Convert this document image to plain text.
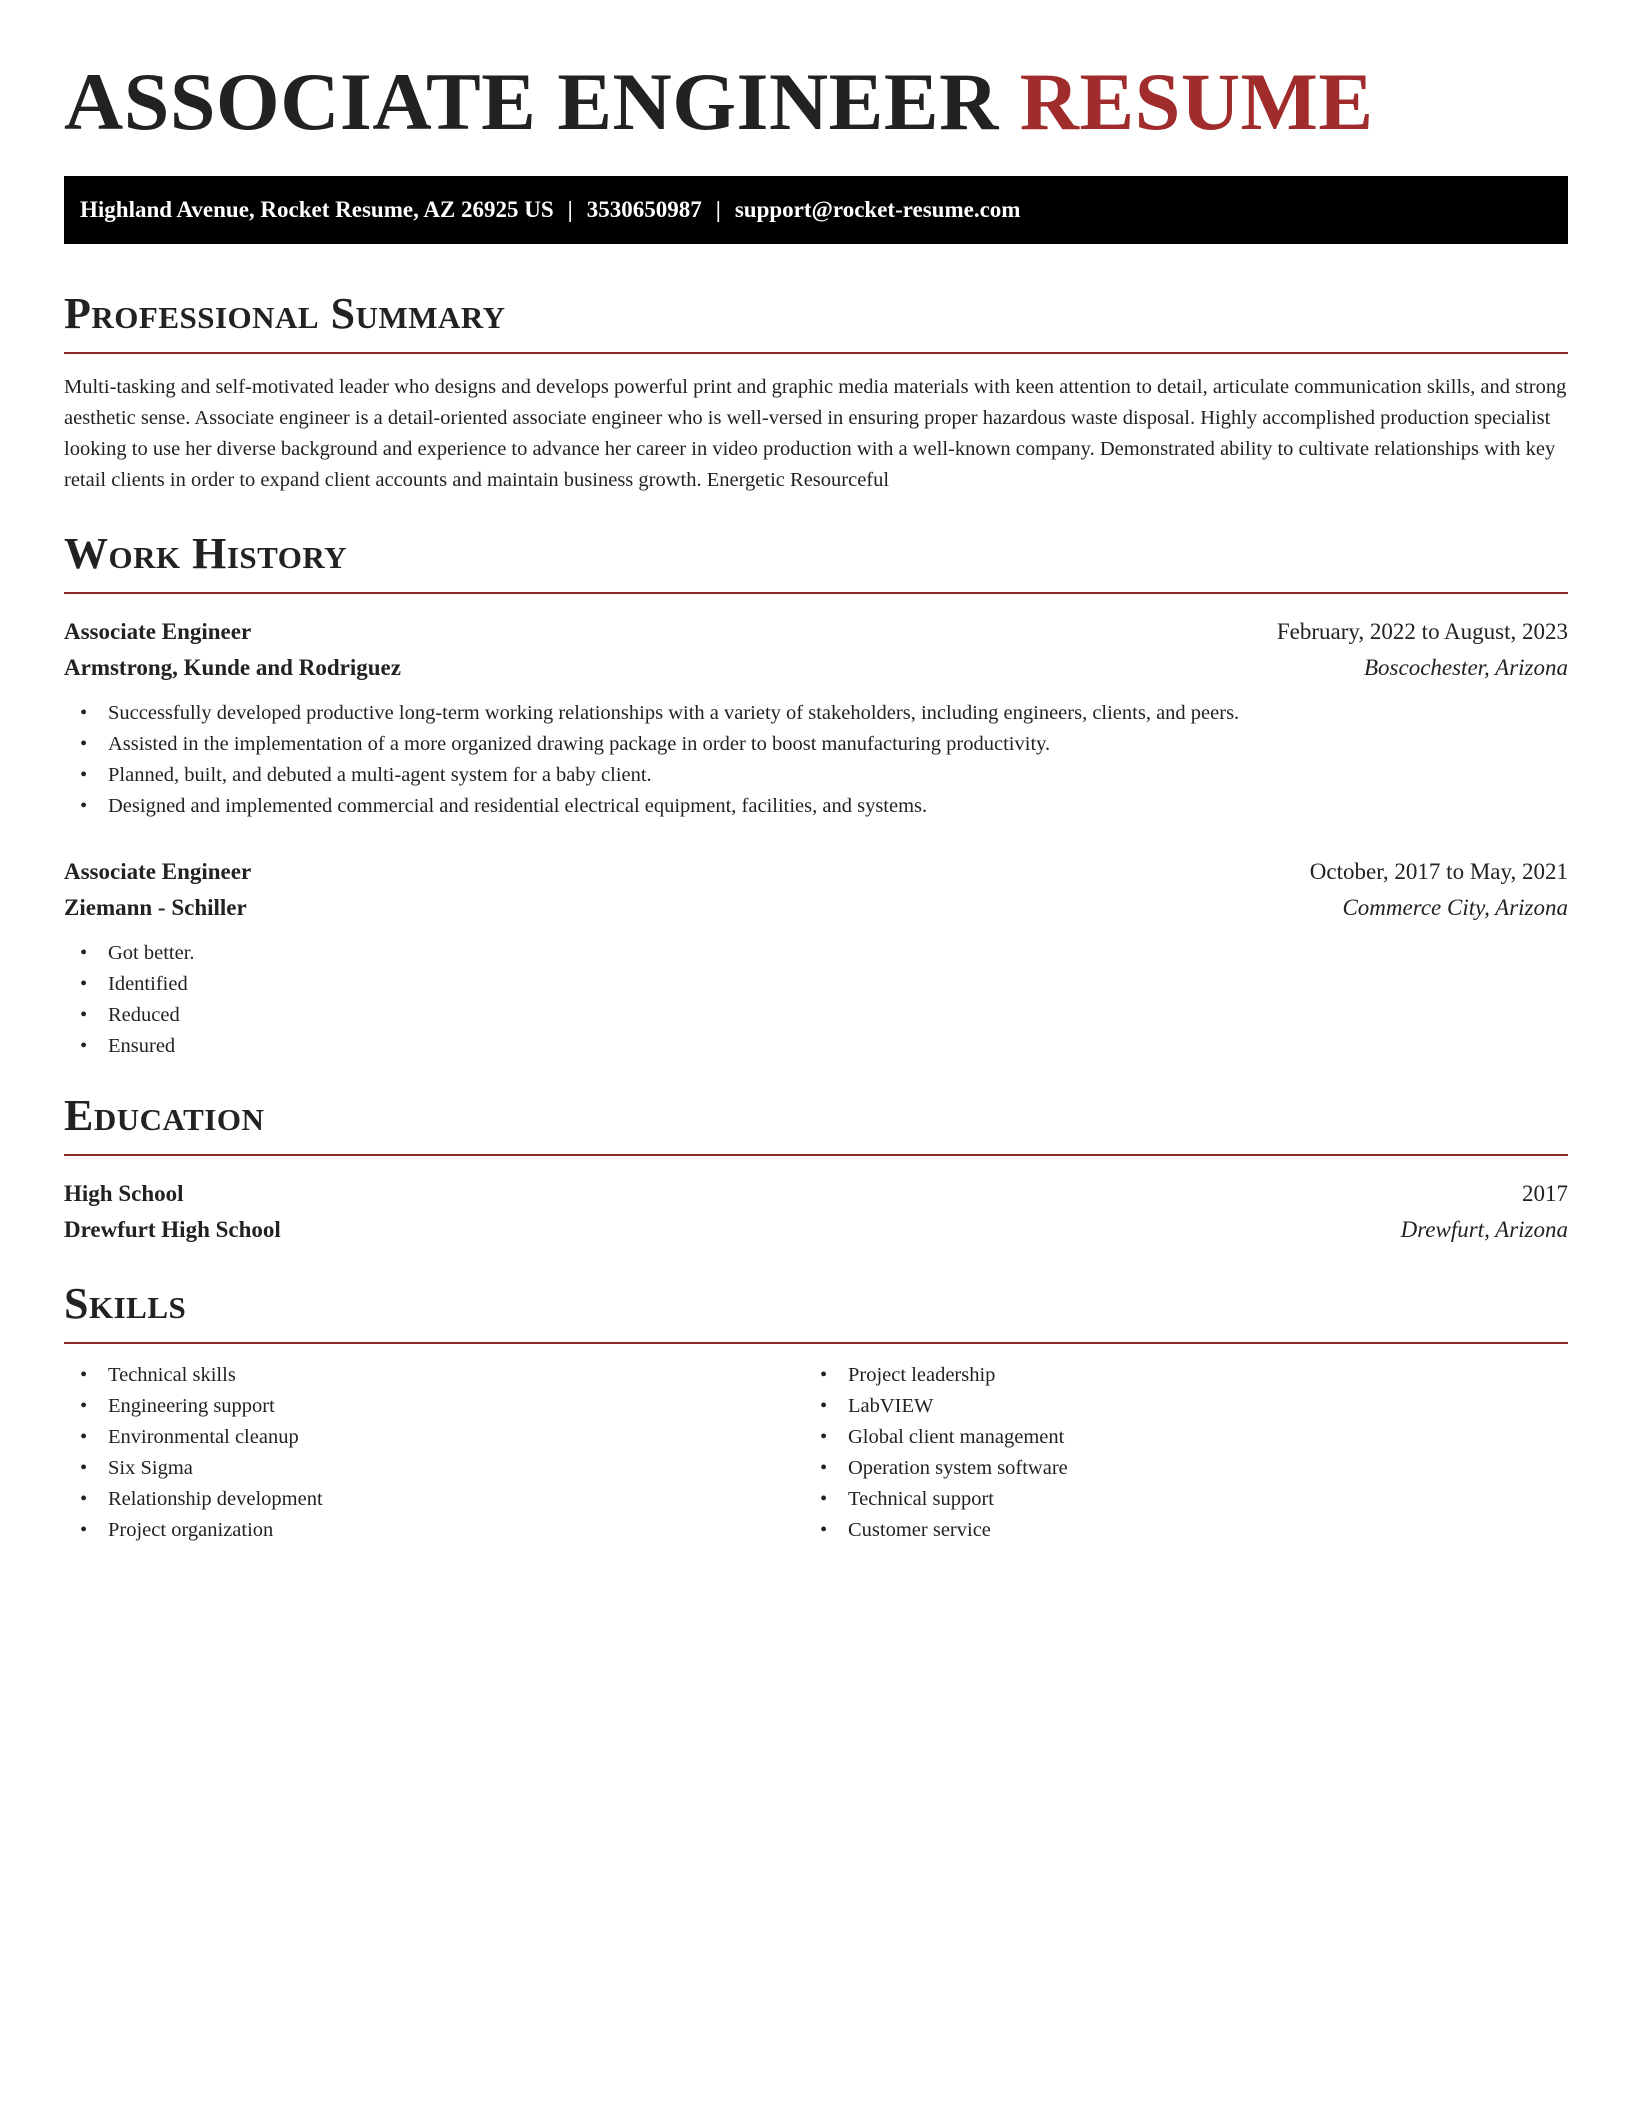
ASSOCIATE ENGINEER RESUME
Highland Avenue, Rocket Resume, AZ 26925 US | 3530650987 | support@rocket-resume.com
Professional Summary

Multi-tasking and self-motivated leader who designs and develops powerful print and graphic media materials with keen attention to detail, articulate communication skills, and strong aesthetic sense. Associate engineer is a detail-oriented associate engineer who is well-versed in ensuring proper hazardous waste disposal. Highly accomplished production specialist looking to use her diverse background and experience to advance her career in video production with a well-known company. Demonstrated ability to cultivate relationships with key retail clients in order to expand client accounts and maintain business growth. Energetic Resourceful

Work History
Associate Engineer	February, 2022 to August, 2023
Armstrong, Kunde and Rodriguez	Boscochester, Arizona
• Successfully developed productive long-term working relationships with a variety of stakeholders, including engineers, clients, and peers.
• Assisted in the implementation of a more organized drawing package in order to boost manufacturing productivity.
• Planned, built, and debuted a multi-agent system for a baby client.
• Designed and implemented commercial and residential electrical equipment, facilities, and systems.
Associate Engineer	October, 2017 to May, 2021
Ziemann - Schiller	Commerce City, Arizona
• Got better.
• Identified
• Reduced
• Ensured
Education
High School	2017
Drewfurt High School	Drewfurt, Arizona
Skills
• Technical skills
• Engineering support
• Environmental cleanup
• Six Sigma
• Relationship development
• Project organization
• Project leadership
• LabVIEW
• Global client management
• Operation system software
• Technical support
• Customer service
